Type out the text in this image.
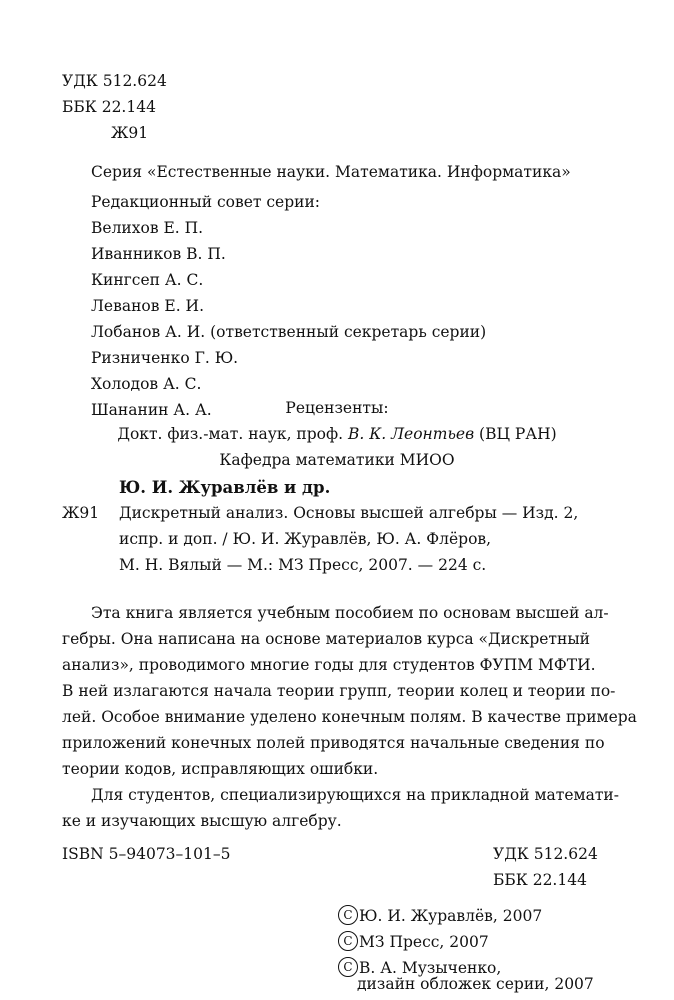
УДК 512.624
ББК 22.144
Ж91
Серия «Естественные науки. Математика. Информатика»
Редакционный совет серии:
Велихов Е. П.
Иванников В. П.
Кингсеп А. С.
Леванов Е. И.
Лобанов А. И. (ответственный секретарь серии)
Ризниченко Г. Ю.
Холодов А. С.
Шананин А. А.	Рецензенты:
Докт. физ.-мат. наук, проф. В. К. Леонтьев (ВЦ РАН)
Кафедра математики МИОО
Ю. И. Журавлёв и др.
Ж91 Дискретный анализ. Основы высшей алгебры — Изд. 2,
испр. и доп. / Ю. И. Журавлёв, Ю. А. Флёров,
М. Н. Вялый — М.: МЗ Пресс, 2007. — 224 с.
Эта книга является учебным пособием по основам высшей ал-
гебры. Она написана на основе материалов курса «Дискретный
анализ», проводимого многие годы для студентов ФУПМ МФТИ.
В ней излагаются начала теории групп, теории колец и теории по-
лей. Особое внимание уделено конечным полям. В качестве примера
приложений конечных полей приводятся начальные сведения по
теории кодов, исправляющих ошибки.
Для студентов, специализирующихся на прикладной математи-
ке и изучающих высшую алгебру.
ISBN 5–94073–101–5	УДК 512.624
ББК 22.144
C Ю. И. Журавлёв, 2007
C МЗ Пресс, 2007
C В. А. Музыченко,
дизайн обложек серии, 2007
